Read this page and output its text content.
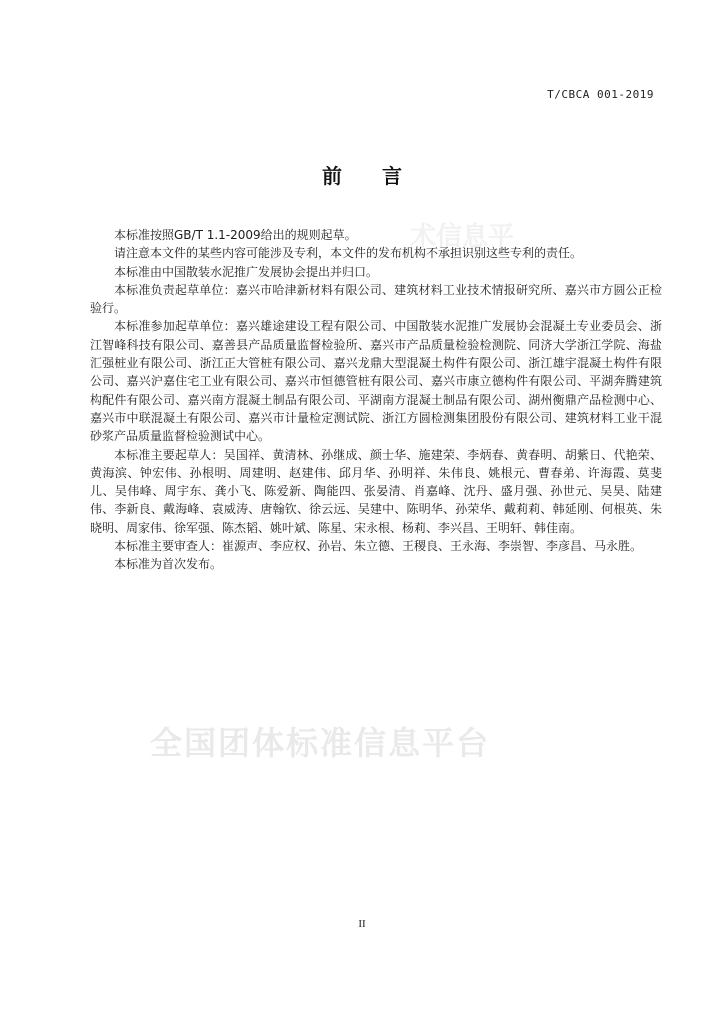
T/CBCA 001-2019
前言
术信息平

本标准按照GB/T 1.1-2009给出的规则起草。

请注意本文件的某些内容可能涉及专利，本文件的发布机构不承担识别这些专利的责任。

本标准由中国散装水泥推广发展协会提出并归口。

本标准负责起草单位：嘉兴市哈津新材料有限公司、建筑材料工业技术情报研究所、嘉兴市方圆公正检验行。

本标准参加起草单位：嘉兴雄途建设工程有限公司、中国散装水泥推广发展协会混凝土专业委员会、浙江智峰科技有限公司、嘉善县产品质量监督检验所、嘉兴市产品质量检验检测院、同济大学浙江学院、海盐汇强桩业有限公司、浙江正大管桩有限公司、嘉兴龙鼎大型混凝土构件有限公司、浙江雄宇混凝土构件有限公司、嘉兴沪嘉住宅工业有限公司、嘉兴市恒德管桩有限公司、嘉兴市康立德构件有限公司、平湖奔腾建筑构配件有限公司、嘉兴南方混凝土制品有限公司、平湖南方混凝土制品有限公司、湖州衡鼎产品检测中心、嘉兴市中联混凝土有限公司、嘉兴市计量检定测试院、浙江方圆检测集团股份有限公司、建筑材料工业干混砂浆产品质量监督检验测试中心。

本标准主要起草人：吴国祥、黄清林、孙继成、颜士华、施建荣、李炳春、黄春明、胡紫日、代艳荣、黄海滨、钟宏伟、孙根明、周建明、赵建伟、邱月华、孙明祥、朱伟良、姚根元、曹春弟、许海霞、莫斐儿、吴伟峰、周宇东、龚小飞、陈爱新、陶能四、张晏清、肖嘉峰、沈丹、盛月强、孙世元、吴昊、陆建伟、李新良、戴海峰、袁威涛、唐翰钦、徐云远、吴建中、陈明华、孙荣华、戴莉莉、韩延刚、何根英、朱晓明、周家伟、徐军强、陈杰韬、姚叶斌、陈星、宋永根、杨莉、李兴昌、王明轩、韩佳南。

本标准主要审查人：崔源声、李应权、孙岩、朱立德、王稷良、王永海、李崇智、李彦昌、马永胜。

本标准为首次发布。

全国团体标准信息平台
II
